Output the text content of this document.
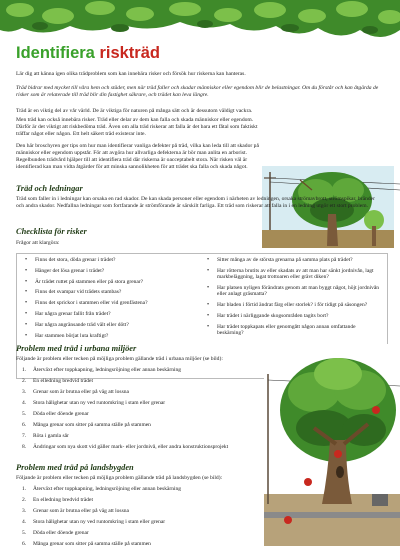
Identifiera riskträd

Lär dig att känna igen olika trädproblem som kan innebära risker och försök hur riskerna kan hanteras.

Träd bidrar med mycket till våra hem och städer, men när träd faller och skadar människor eller egendom blir de belastningar. Om du förstår och kan åtgärda de risker som är relaterade till träd blir din fastighet säkrare, och trädet kan leva längre.

Träd är en viktig del av vår värld. De är viktiga för naturen på många sätt och är dessutom väldigt vackra.

Men träd kan också innebära risker. Träd eller delar av dem kan falla och skada människor eller egendom. Därför är det viktigt att riskbedöma träd. Även om alla träd riskerar att falla är det bara ett fåtal som faktiskt träffar något eller någon. Ett helt säkert träd existerar inte.

Den här broschyren ger tips om hur man identifierar vanliga defekter på träd, vilka kan leda till att skador på människor eller egendom uppstår. För att avgöra hur allvarliga defekterna är bör man anlita en arborist. Regelbunden trädvård hjälper till att identifiera träd där riskerna är oacceptabelt stora. När risken väl är identifierad kan man vidta åtgärder för att minska sannolikheten för att trädet ska falla och skada något.

Träd och ledningar

Träd som faller in i ledningar kan orsaka en rad skador. De kan skada personer eller egendom i närheten av ledningen, orsaka strömavbrott, strömspikar, bränder och andra skador. Nedfallna ledningar som fortfarande är strömförande är särskilt farliga. Ett träd som riskerar att falla in i en ledning utgör ett stort problem.

Checklista för risker

Frågor att klargöra:

• Finns det stora, döda grenar i trädet?
• Hänger det lösa grenar i trädet?
• Är trädet ruttet på stammen eller på stora grenar?
• Finns det svampar vid trädets stambas?
• Finns det sprickor i stammen eller vid grenfästena?
• Har några grenar fallit från trädet?
• Har några angränsande träd vält eller dött?
• Har stammen börjat luta kraftigt?
• Sitter många av de största grenarna på samma plats på trädet?
• Har rötterna brutits av eller skadats av att man har sänkt jordnivån, lagt markbeläggning, lagat trottoaren eller grävt diken?
• Har platsen nyligen förändrats genom att man byggt något, höjt jordnivån eller anlagt gräsmatta?
• Har bladen i förtid ändrat färg eller storlek? i för tidigt på säsongen?
• Har trädet i närliggande skogsområden tagits bort?
• Har trädet toppkapats eller genomgått någon annan omfattande beskärning?
Problem med träd i urbana miljöer

Följande är problem eller tecken på möjliga problem gällande träd i urbana miljöer (se bild):

1. Återväxt efter toppkapning, ledningsröjning eller annan beskärning
2. En elledning bredvid trädet
3. Grenar som är brutna eller på väg att lossna
4. Stora hålighetar utan ny ved runtomkring i stam eller grenar
5. Döda eller döende grenar
6. Många grenar som sitter på samma ställe på stammen
7. Röta i gamla sår
8. Ändringar som nya skott vid gäller mark- eller jordnivå, eller andra konstruktionsprojekt
Problem med träd på landsbygden

Följande är problem eller tecken på möjliga problem gällande träd på landsbygden (se bild):

1. Återväxt efter toppkapning, ledningsröjning eller annan beskärning
2. En elledning bredvid trädet
3. Grenar som är brutna eller på väg att lossna
4. Stora hålighetar utan ny ved runtomkring i stam eller grenar
5. Döda eller döende grenar
6. Många grenar som sitter på samma ställe på stammen
